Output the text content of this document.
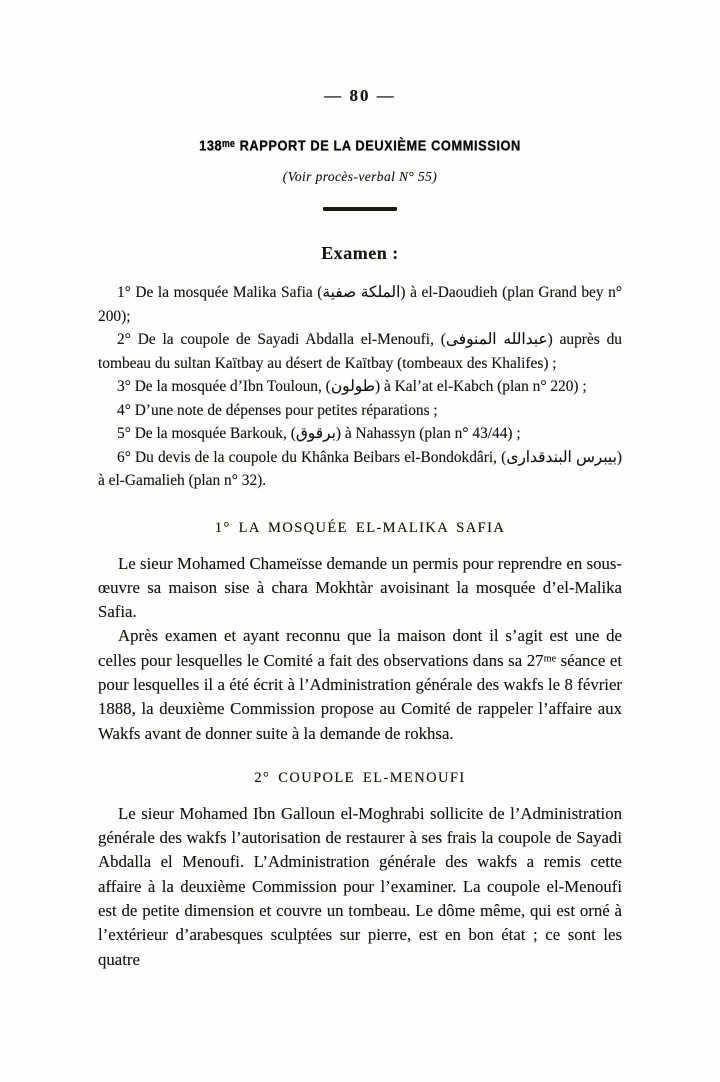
— 80 —
138ᵐᵉ RAPPORT DE LA DEUXIÈME COMMISSION
(Voir procès-verbal N° 55)
Examen :

1° De la mosquée Malika Safia (الملكة صفية) à el-Daoudieh (plan Grand bey n° 200);

2° De la coupole de Sayadi Abdalla el-Menoufi, (عبدالله المنوفى) auprès du tombeau du sultan Kaïtbay au désert de Kaïtbay (tombeaux des Khalifes) ;

3° De la mosquée d’Ibn Touloun, (طولون) à Kal’at el-Kabch (plan n° 220) ;

4° D’une note de dépenses pour petites réparations ;

5° De la mosquée Barkouk, (برقوق) à Nahassyn (plan n° 43/44) ;

6° Du devis de la coupole du Khânka Beibars el-Bondokdâri, (بيبرس البندقدارى) à el-Gamalieh (plan n° 32).

1° LA MOSQUÉE EL-MALIKA SAFIA

Le sieur Mohamed Chameïsse demande un permis pour reprendre en sous-œuvre sa maison sise à chara Mokhtàr avoisinant la mosquée d’el-Malika Safia.

Après examen et ayant reconnu que la maison dont il s’agit est une de celles pour lesquelles le Comité a fait des observations dans sa 27ᵐᵉ séance et pour lesquelles il a été écrit à l’Administration générale des wakfs le 8 février 1888, la deuxième Commission propose au Comité de rappeler l’affaire aux Wakfs avant de donner suite à la demande de rokhsa.

2° COUPOLE EL-MENOUFI

Le sieur Mohamed Ibn Galloun el-Moghrabi sollicite de l’Administration générale des wakfs l’autorisation de restaurer à ses frais la coupole de Sayadi Abdalla el Menoufi. L’Administration générale des wakfs a remis cette affaire à la deuxième Commission pour l’examiner. La coupole el-Menoufi est de petite dimension et couvre un tombeau. Le dôme même, qui est orné à l’extérieur d’arabesques sculptées sur pierre, est en bon état ; ce sont les quatre
